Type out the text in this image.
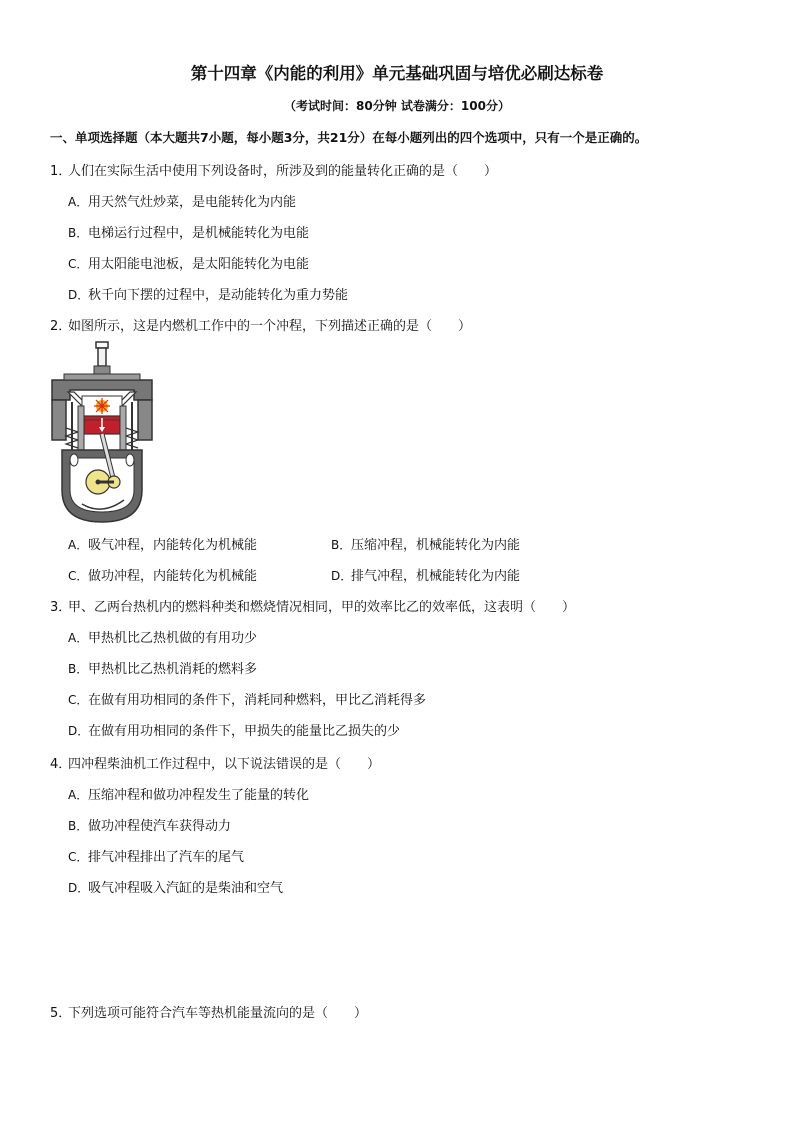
第十四章《内能的利用》单元基础巩固与培优必刷达标卷
（考试时间：80分钟 试卷满分：100分）
一、单项选择题（本大题共7小题，每小题3分，共21分）在每小题列出的四个选项中，只有一个是正确的。
1．人们在实际生活中使用下列设备时，所涉及到的能量转化正确的是（　　）
A．用天然气灶炒菜，是电能转化为内能
B．电梯运行过程中，是机械能转化为电能
C．用太阳能电池板，是太阳能转化为电能
D．秋千向下摆的过程中，是动能转化为重力势能
2．如图所示，这是内燃机工作中的一个冲程，下列描述正确的是（　　）
A．吸气冲程，内能转化为机械能	B．压缩冲程，机械能转化为内能
C．做功冲程，内能转化为机械能	D．排气冲程，机械能转化为内能
3．甲、乙两台热机内的燃料种类和燃烧情况相同，甲的效率比乙的效率低，这表明（　　）
A．甲热机比乙热机做的有用功少
B．甲热机比乙热机消耗的燃料多
C．在做有用功相同的条件下，消耗同种燃料，甲比乙消耗得多
D．在做有用功相同的条件下，甲损失的能量比乙损失的少
4．四冲程柴油机工作过程中，以下说法错误的是（　　）
A．压缩冲程和做功冲程发生了能量的转化
B．做功冲程使汽车获得动力
C．排气冲程排出了汽车的尾气
D．吸气冲程吸入汽缸的是柴油和空气
5．下列选项可能符合汽车等热机能量流向的是（　　）
